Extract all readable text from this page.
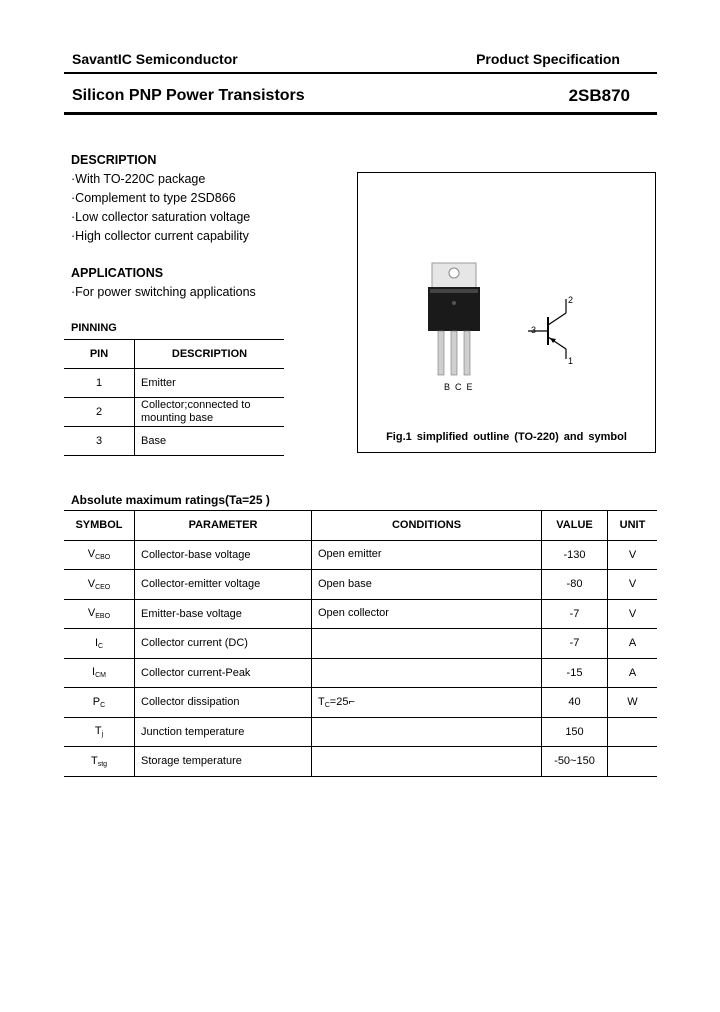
SavantIC Semiconductor	Product Specification
Silicon PNP Power Transistors	2SB870
DESCRIPTION
·With TO-220C package
·Complement to type 2SD866
·Low collector saturation voltage
·High collector current capability
APPLICATIONS
·For power switching applications
PINNING
PIN	DESCRIPTION
1	Emitter
2	Collector;connected to
mounting base
3	Base
B  C  E
2
3
1
Fig.1 simplified outline (TO-220) and symbol
Absolute maximum ratings(Ta=25 )
SYMBOL	PARAMETER	CONDITIONS	VALUE	UNIT
$V_{CBO}$	Collector-base voltage	Open emitter	-130	V
$V_{CEO}$	Collector-emitter voltage	Open base	-80	V
$V_{EBO}$	Emitter-base voltage	Open collector	-7	V
$I_C$	Collector current (DC)		-7	A
$I_{CM}$	Collector current-Peak		-15	A
$P_C$	Collector dissipation	$T_C=25⌐$	40	W
$T_j$	Junction temperature		150	
$T_{stg}$	Storage temperature		-50~150	
